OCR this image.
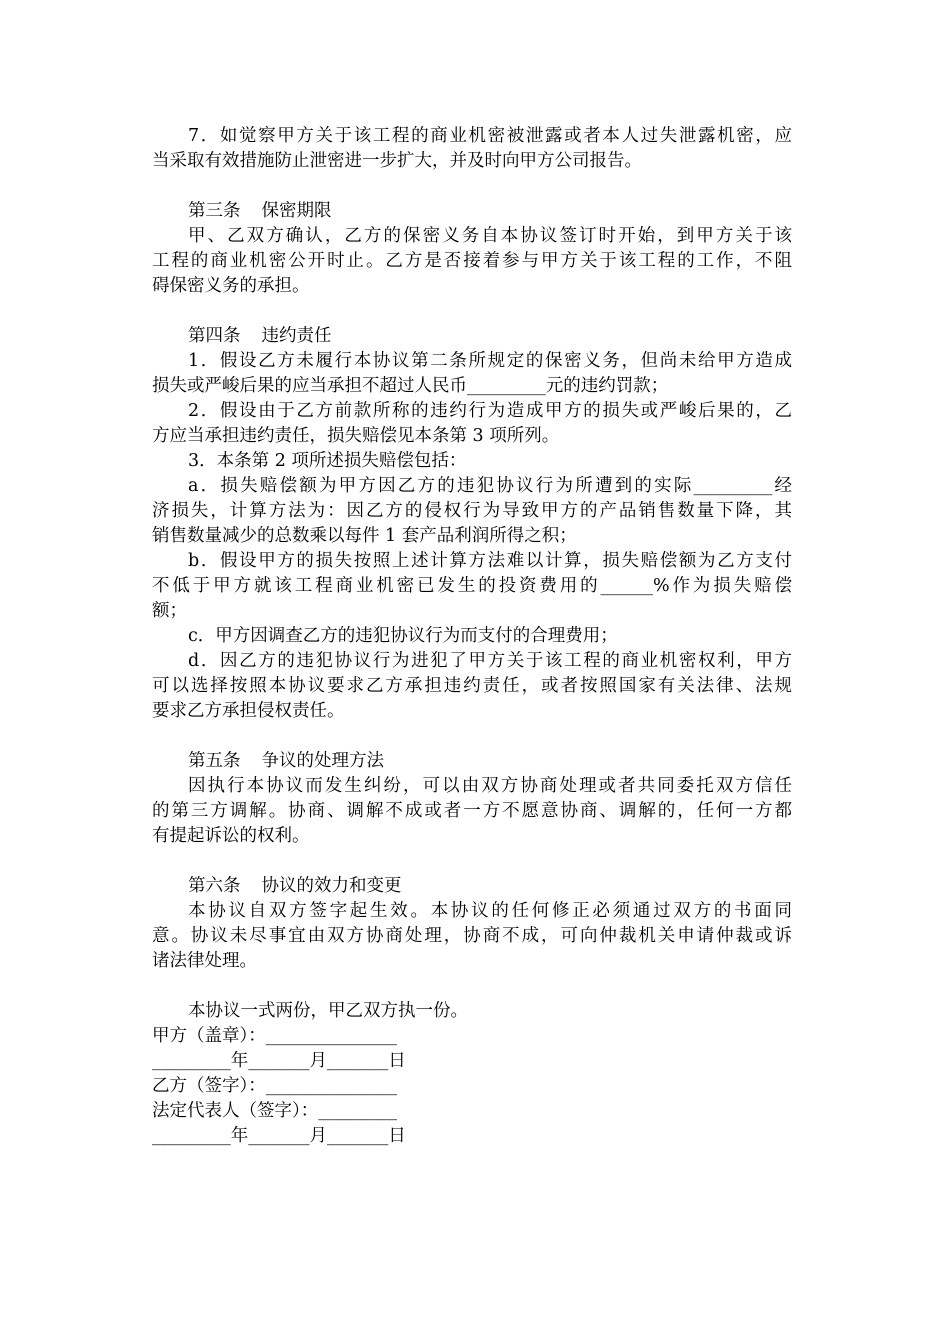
7．如觉察甲方关于该工程的商业机密被泄露或者本人过失泄露机密，应
当采取有效措施防止泄密进一步扩大，并及时向甲方公司报告。
第三条 保密期限
甲、乙双方确认，乙方的保密义务自本协议签订时开始，到甲方关于该
工程的商业机密公开时止。乙方是否接着参与甲方关于该工程的工作，不阻
碍保密义务的承担。
第四条 违约责任
1．假设乙方未履行本协议第二条所规定的保密义务，但尚未给甲方造成
损失或严峻后果的应当承担不超过人民币_________元的违约罚款；
2．假设由于乙方前款所称的违约行为造成甲方的损失或严峻后果的，乙
方应当承担违约责任，损失赔偿见本条第 3 项所列。
3．本条第 2 项所述损失赔偿包括：
a．损失赔偿额为甲方因乙方的违犯协议行为所遭到的实际_________经
济损失，计算方法为：因乙方的侵权行为导致甲方的产品销售数量下降，其
销售数量减少的总数乘以每件 1 套产品利润所得之积；
b．假设甲方的损失按照上述计算方法难以计算，损失赔偿额为乙方支付
不低于甲方就该工程商业机密已发生的投资费用的______%作为损失赔偿
额；
c．甲方因调查乙方的违犯协议行为而支付的合理费用；
d．因乙方的违犯协议行为进犯了甲方关于该工程的商业机密权利，甲方
可以选择按照本协议要求乙方承担违约责任，或者按照国家有关法律、法规
要求乙方承担侵权责任。
第五条 争议的处理方法
因执行本协议而发生纠纷，可以由双方协商处理或者共同委托双方信任
的第三方调解。协商、调解不成或者一方不愿意协商、调解的，任何一方都
有提起诉讼的权利。
第六条 协议的效力和变更
本协议自双方签字起生效。本协议的任何修正必须通过双方的书面同
意。协议未尽事宜由双方协商处理，协商不成，可向仲裁机关申请仲裁或诉
诸法律处理。
本协议一式两份，甲乙双方执一份。
甲方（盖章）：_______________
_________年_______月_______日
乙方（签字）：_______________
法定代表人（签字）：_________
_________年_______月_______日
